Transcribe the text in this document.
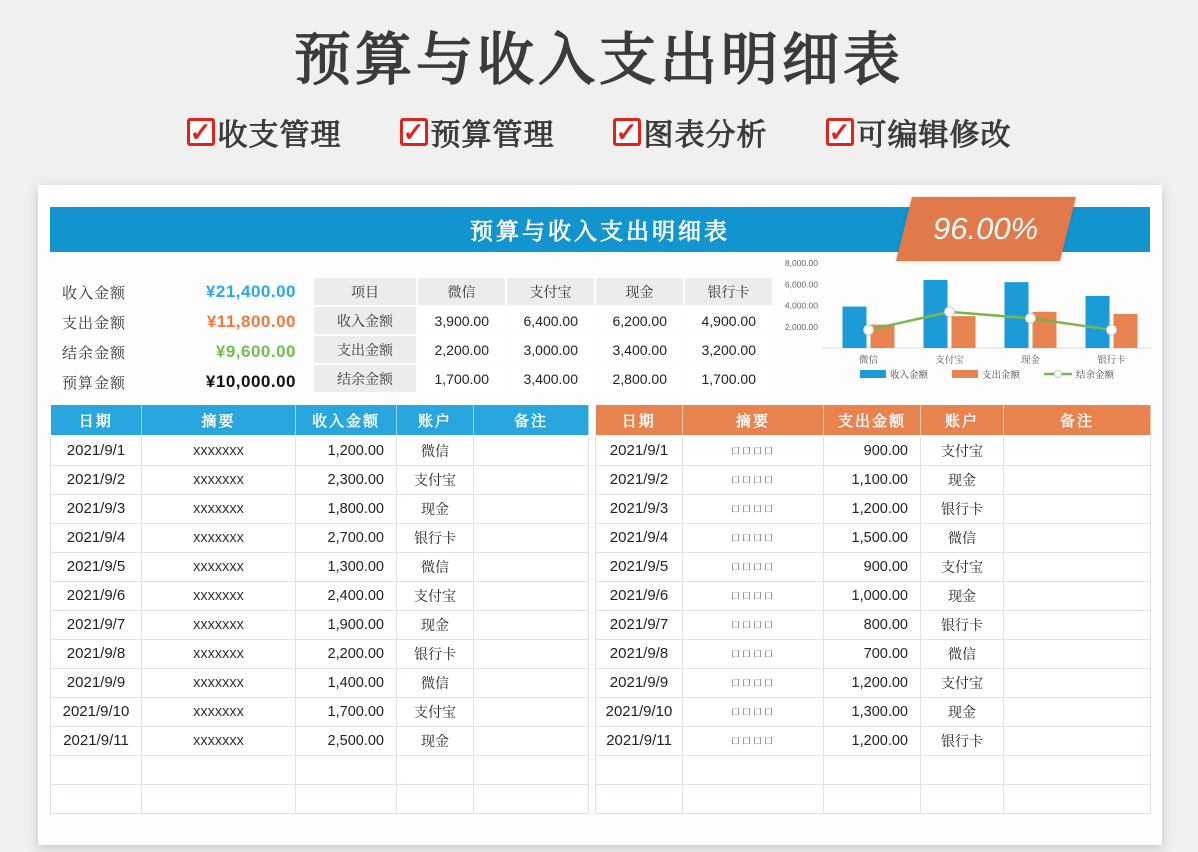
预算与收入支出明细表
✓ 收支管理 ✓ 预算管理 ✓ 图表分析 ✓ 可编辑修改
预算与收入支出明细表	96.00%
收入金额	¥21,400.00
支出金额	¥11,800.00
结余金额	¥9,600.00
预算金额	¥10,000.00
项目	微信	支付宝	现金	银行卡
收入金额	3,900.00	6,400.00	6,200.00	4,900.00
支出金额	2,200.00	3,000.00	3,400.00	3,200.00
结余金额	1,700.00	3,400.00	2,800.00	1,700.00
8,000.00
6,000.00
4,000.00
2,000.00
微信	支付宝	现金	银行卡
收入金额	支出金额	结余金额
日期	摘要	收入金额	账户	备注
2021/9/1	xxxxxxx	1,200.00	微信	
2021/9/2	xxxxxxx	2,300.00	支付宝	
2021/9/3	xxxxxxx	1,800.00	现金	
2021/9/4	xxxxxxx	2,700.00	银行卡	
2021/9/5	xxxxxxx	1,300.00	微信	
2021/9/6	xxxxxxx	2,400.00	支付宝	
2021/9/7	xxxxxxx	1,900.00	现金	
2021/9/8	xxxxxxx	2,200.00	银行卡	
2021/9/9	xxxxxxx	1,400.00	微信	
2021/9/10	xxxxxxx	1,700.00	支付宝	
2021/9/11	xxxxxxx	2,500.00	现金	

日期	摘要	支出金额	账户	备注
2021/9/1	口口口口	900.00	支付宝	
2021/9/2	口口口口	1,100.00	现金	
2021/9/3	口口口口	1,200.00	银行卡	
2021/9/4	口口口口	1,500.00	微信	
2021/9/5	口口口口	900.00	支付宝	
2021/9/6	口口口口	1,000.00	现金	
2021/9/7	口口口口	800.00	银行卡	
2021/9/8	口口口口	700.00	微信	
2021/9/9	口口口口	1,200.00	支付宝	
2021/9/10	口口口口	1,300.00	现金	
2021/9/11	口口口口	1,200.00	银行卡	
